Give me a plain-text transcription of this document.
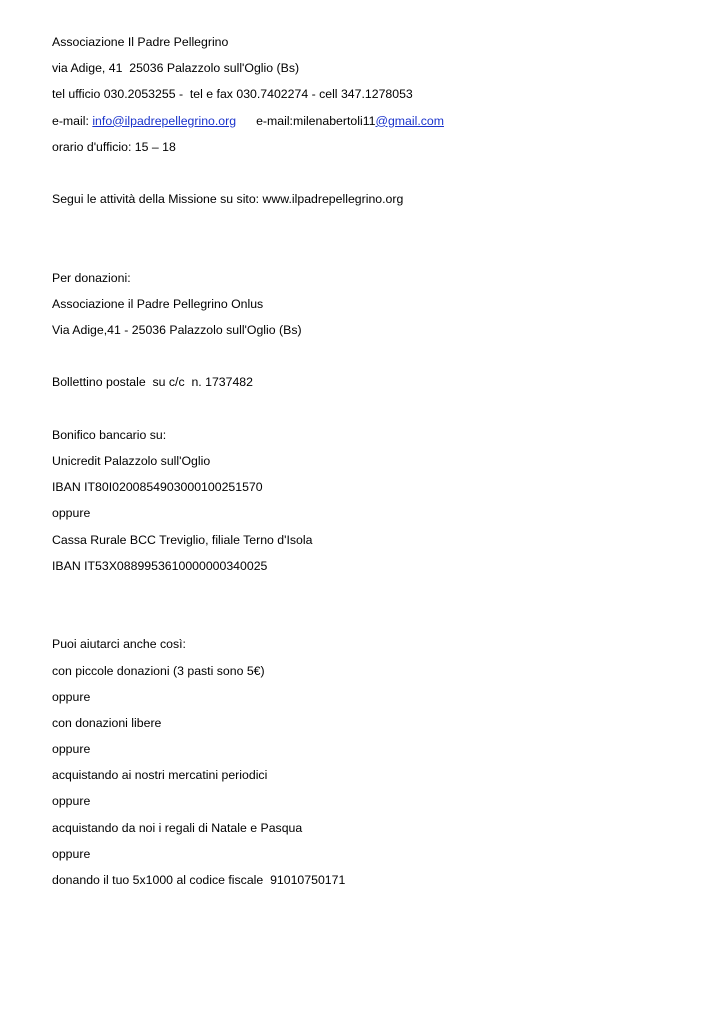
Associazione Il Padre Pellegrino
via Adige, 41  25036 Palazzolo sull'Oglio (Bs)
tel ufficio 030.2053255 -  tel e fax 030.7402274 - cell 347.1278053
e-mail: info@ilpadrepellegrino.org e-mail:milenabertoli11@gmail.com
orario d'ufficio: 15 – 18
Segui le attività della Missione su sito: www.ilpadrepellegrino.org
Per donazioni:
Associazione il Padre Pellegrino Onlus
Via Adige,41 - 25036 Palazzolo sull'Oglio (Bs)
Bollettino postale  su c/c  n. 1737482
Bonifico bancario su:
Unicredit Palazzolo sull'Oglio
IBAN IT80I0200854903000100251570
oppure
Cassa Rurale BCC Treviglio, filiale Terno d'Isola
IBAN IT53X0889953610000000340025
Puoi aiutarci anche così:
con piccole donazioni (3 pasti sono 5€)
oppure
con donazioni libere
oppure
acquistando ai nostri mercatini periodici
oppure
acquistando da noi i regali di Natale e Pasqua
oppure
donando il tuo 5x1000 al codice fiscale  91010750171
